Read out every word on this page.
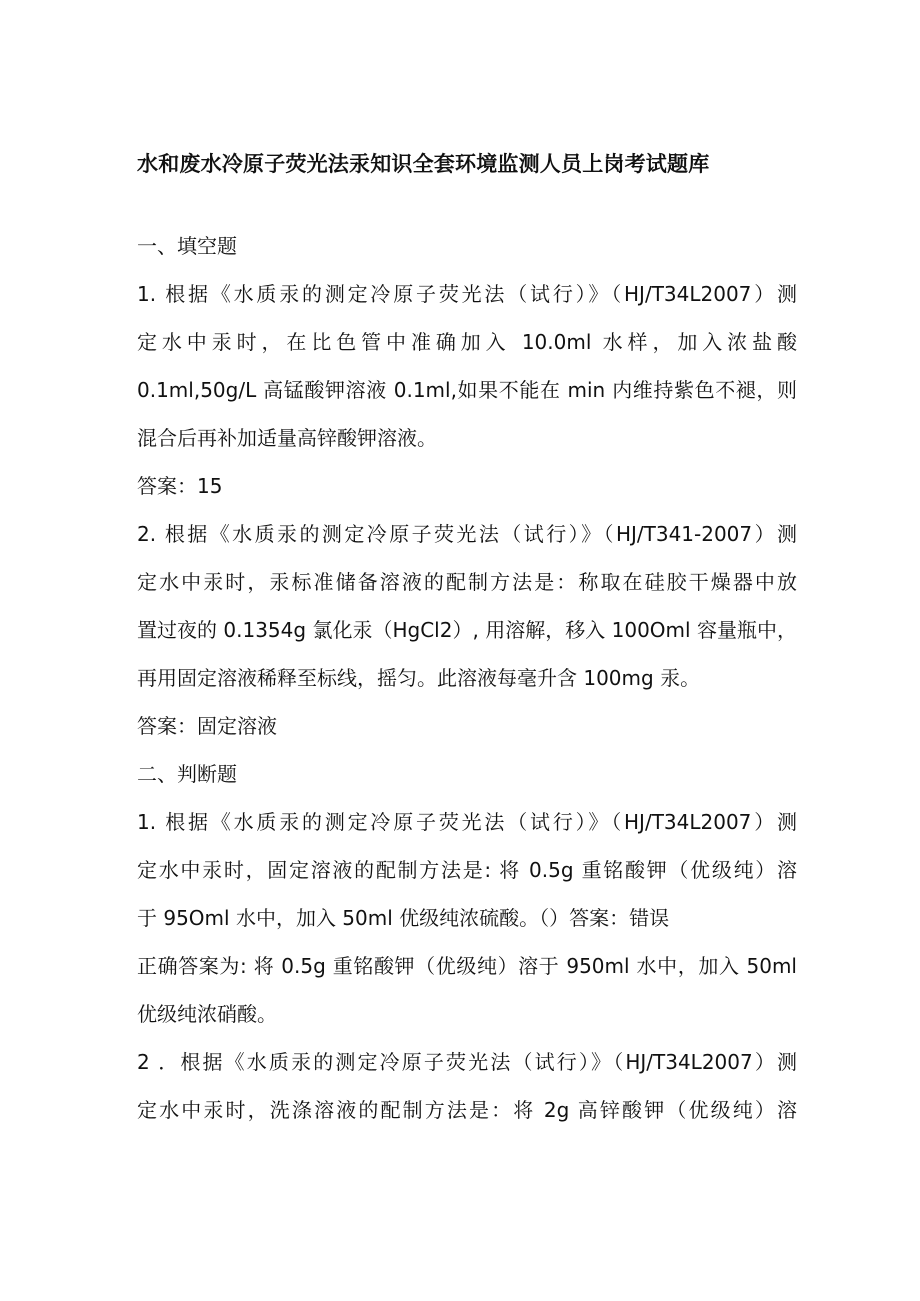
水和废水冷原子荧光法汞知识全套环境监测人员上岗考试题库
一、填空题
1. 根据《水质汞的测定冷原子荧光法（试行）》（HJ/T34L2007）测
定水中汞时，在比色管中准确加入 10.0ml 水样，加入浓盐酸
0.1ml,50g/L 高锰酸钾溶液 0.1ml,如果不能在 min 内维持紫色不褪，则
混合后再补加适量高锌酸钾溶液。
答案：15
2. 根据《水质汞的测定冷原子荧光法（试行）》（HJ/T341-2007）测
定水中汞时，汞标准储备溶液的配制方法是：称取在硅胶干燥器中放
置过夜的 0.1354g 氯化汞（HgCl2）, 用溶解，移入 100Oml 容量瓶中，
再用固定溶液稀释至标线，摇匀。此溶液每毫升含 100mg 汞。
答案：固定溶液
二、判断题
1. 根据《水质汞的测定冷原子荧光法（试行）》（HJ/T34L2007）测
定水中汞时，固定溶液的配制方法是: 将 0.5g 重铭酸钾（优级纯）溶
于 95Oml 水中，加入 50ml 优级纯浓硫酸。（）答案：错误
正确答案为: 将 0.5g 重铭酸钾（优级纯）溶于 950ml 水中，加入 50ml
优级纯浓硝酸。
2 ．根据《水质汞的测定冷原子荧光法（试行）》（HJ/T34L2007）测
定水中汞时，洗涤溶液的配制方法是：将 2g 高锌酸钾（优级纯）溶
